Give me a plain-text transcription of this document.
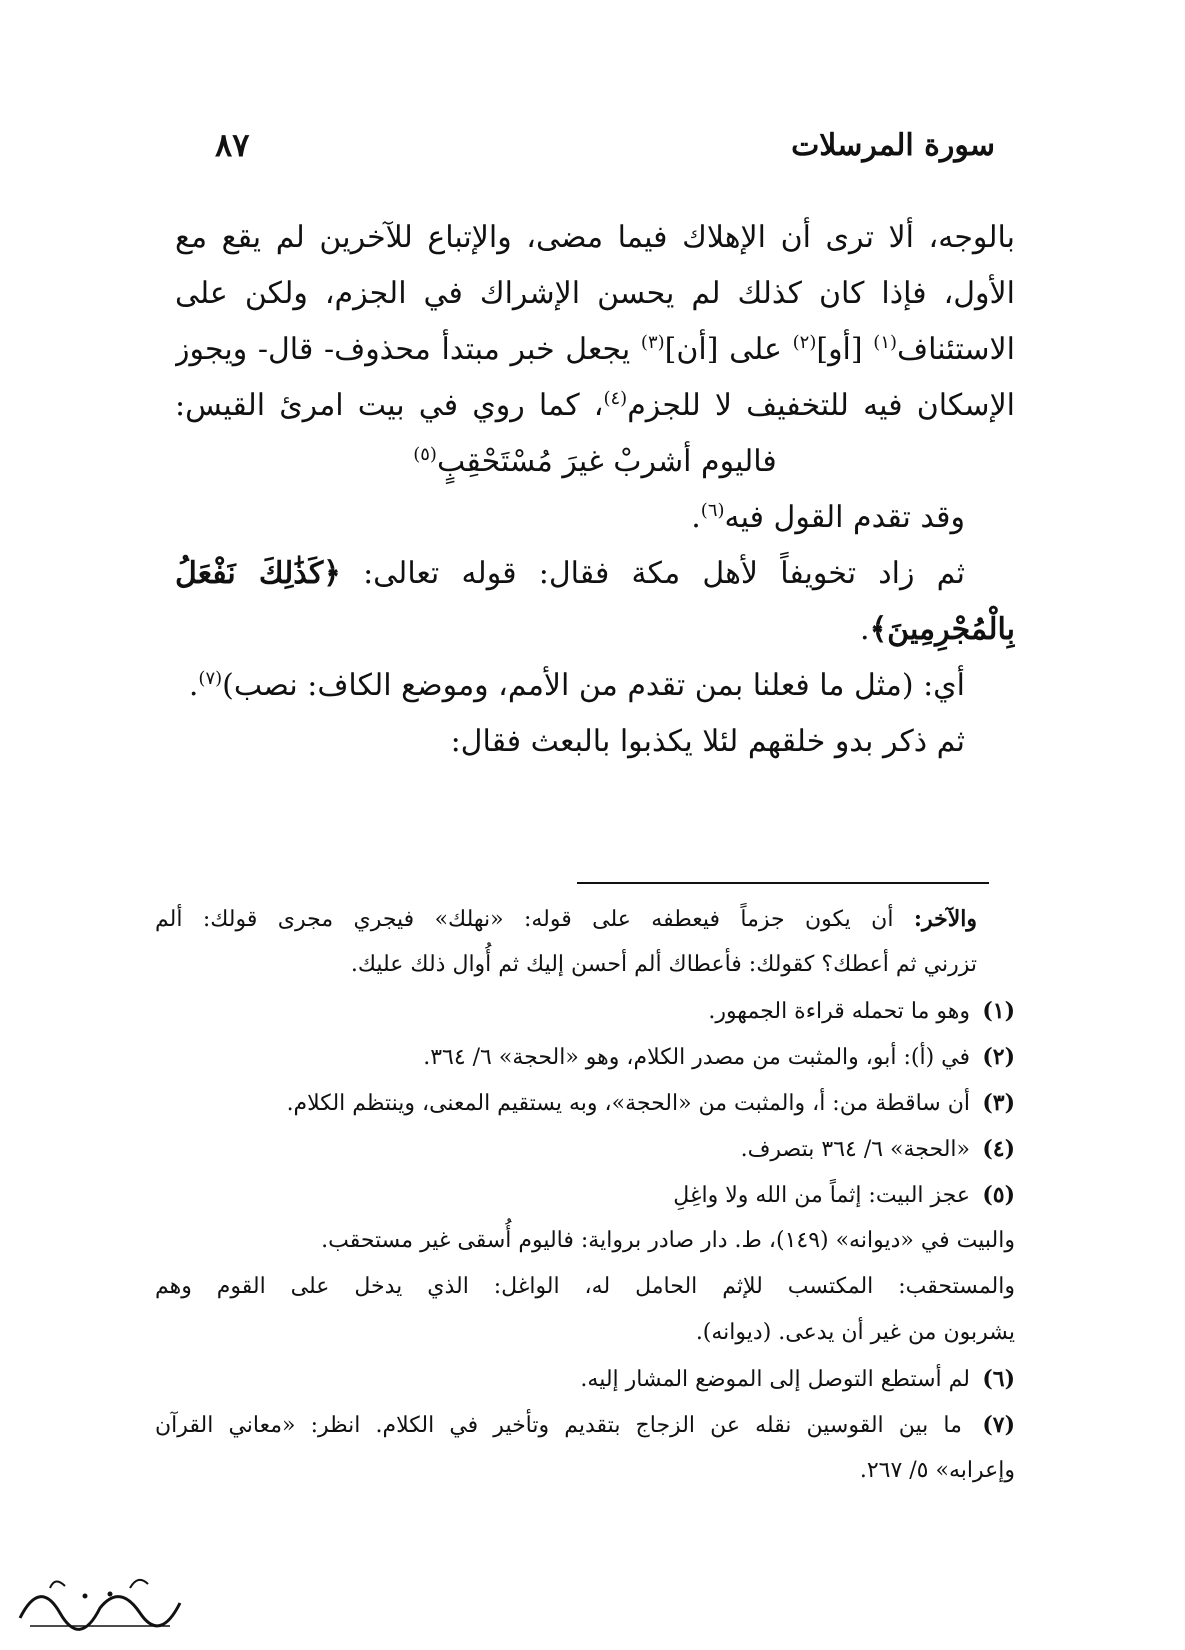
سورة المرسلات
٨٧
بالوجه، ألا ترى أن الإهلاك فيما مضى، والإتباع للآخرين لم يقع مع
الأول، فإذا كان كذلك لم يحسن الإشراك في الجزم، ولكن على
الاستئناف$^{(١)}$ [أو]$^{(٢)}$ على [أن]$^{(٣)}$ يجعل خبر مبتدأ محذوف- قال- ويجوز
الإسكان فيه للتخفيف لا للجزم$^{(٤)}$، كما روي في بيت امرئ القيس:
فاليوم أشربْ غيرَ مُسْتَحْقِبٍ$^{(٥)}$
وقد تقدم القول فيه$^{(٦)}$.
ثم زاد تخويفاً لأهل مكة فقال: قوله تعالى: ﴿كَذَٰلِكَ نَفْعَلُ
بِالْمُجْرِمِينَ﴾.
أي: (مثل ما فعلنا بمن تقدم من الأمم، وموضع الكاف: نصب)$^{(٧)}$.
ثم ذكر بدو خلقهم لئلا يكذبوا بالبعث فقال:
والآخر: أن يكون جزماً فيعطفه على قوله: «نهلك» فيجري مجرى قولك: ألم
تزرني ثم أعطك؟ كقولك: فأعطاك ألم أحسن إليك ثم أُوال ذلك عليك.
(١) وهو ما تحمله قراءة الجمهور.
(٢) في (أ): أبو، والمثبت من مصدر الكلام، وهو «الحجة» ٦/ ٣٦٤.
(٣) أن ساقطة من: أ، والمثبت من «الحجة»، وبه يستقيم المعنى، وينتظم الكلام.
(٤) «الحجة» ٦/ ٣٦٤ بتصرف.
(٥) عجز البيت: إثماً من الله ولا واغِلِ
والبيت في «ديوانه» (١٤٩)، ط. دار صادر برواية: فاليوم أُسقى غير مستحقب.
والمستحقب: المكتسب للإثم الحامل له، الواغل: الذي يدخل على القوم وهم
يشربون من غير أن يدعى. (ديوانه).
(٦) لم أستطع التوصل إلى الموضع المشار إليه.
(٧) ما بين القوسين نقله عن الزجاج بتقديم وتأخير في الكلام. انظر: «معاني القرآن
وإعرابه» ٥/ ٢٦٧.
